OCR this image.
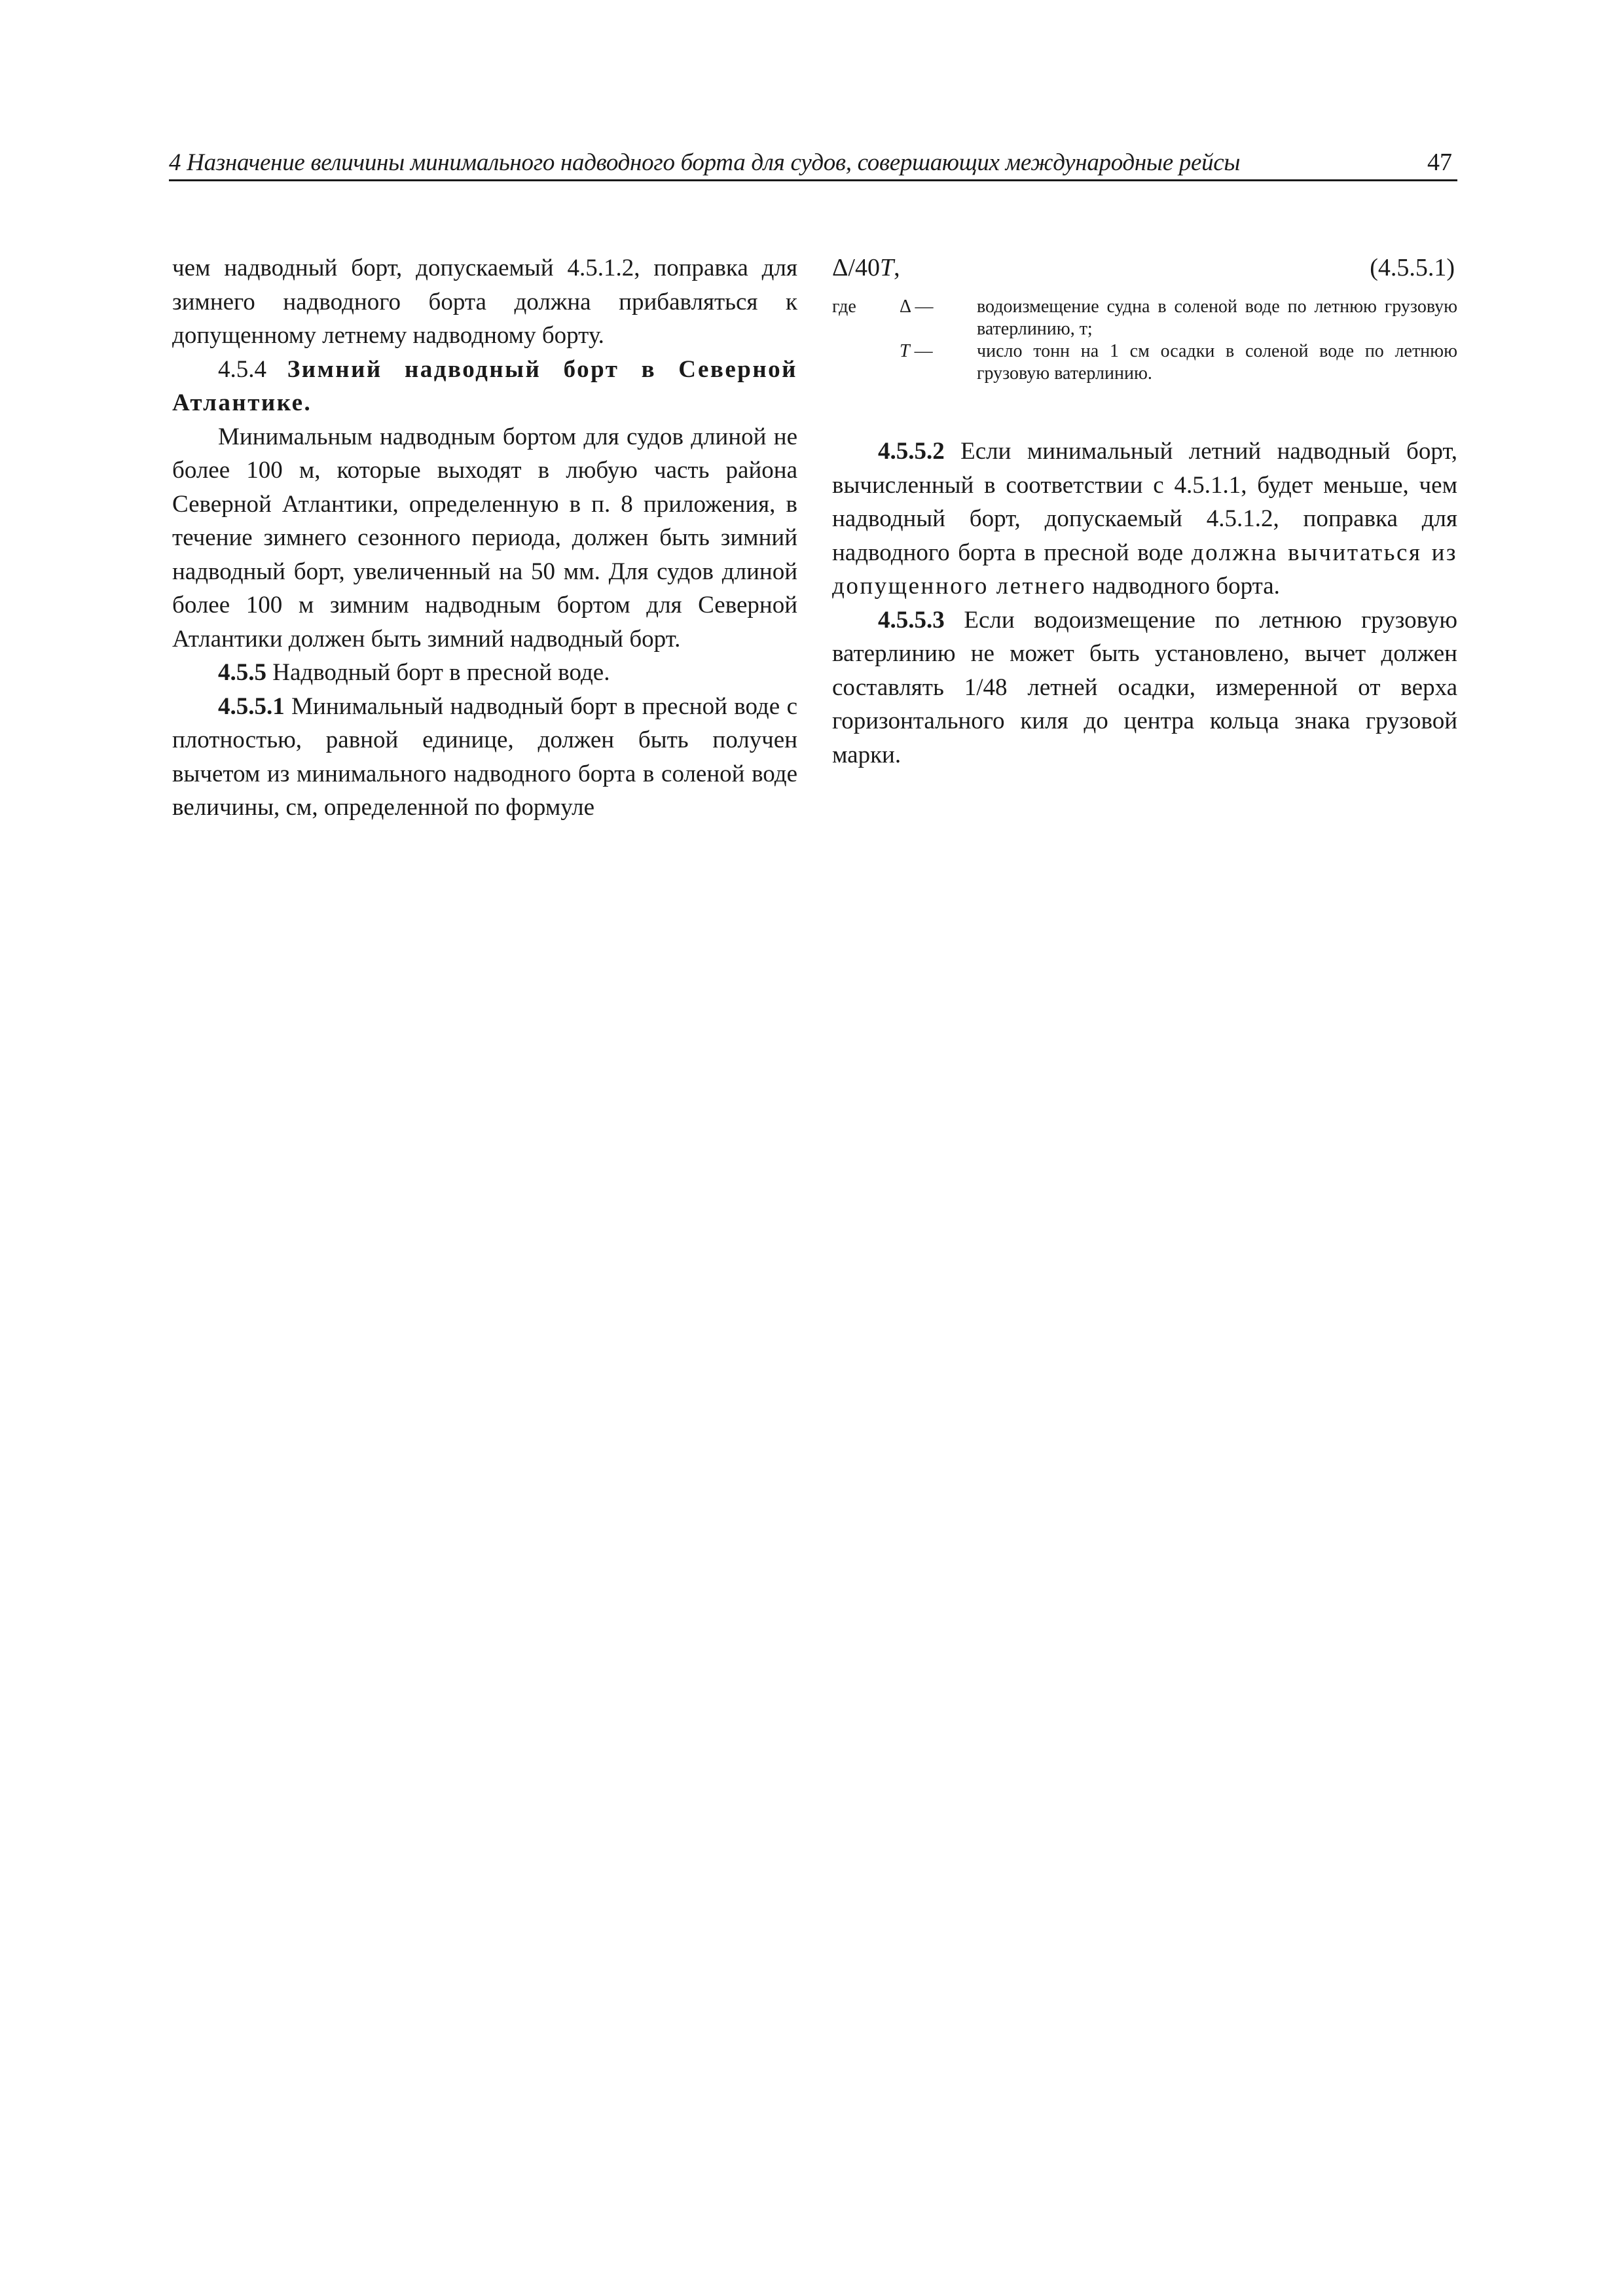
4 Назначение величины минимального надводного борта для судов, совершающих международные рейсы	47

чем надводный борт, допускаемый 4.5.1.2, поправка для зимнего надводного борта должна прибавляться к допущенному летнему надводному борту.

4.5.4 Зимний надводный борт в Северной Атлантике.

Минимальным надводным бортом для судов длиной не более 100 м, которые выходят в любую часть района Северной Атлантики, определенную в п. 8 приложения, в течение зимнего сезонного периода, должен быть зимний надводный борт, увеличенный на 50 мм. Для судов длиной более 100 м зимним надводным бортом для Северной Атлантики должен быть зимний надводный борт.

4.5.5 Надводный борт в пресной воде.

4.5.5.1 Минимальный надводный борт в пресной воде с плотностью, равной единице, должен быть получен вычетом из минимального надводного борта в соленой воде величины, см, определенной по формуле

Δ/40T,	(4.5.5.1)
где Δ —	водоизмещение судна в соленой воде по летнюю грузовую ватерлинию, т;
T —	число тонн на 1 см осадки в соленой воде по летнюю грузовую ватерлинию.

4.5.5.2 Если минимальный летний надводный борт, вычисленный в соответствии с 4.5.1.1, будет меньше, чем надводный борт, допускаемый 4.5.1.2, поправка для надводного борта в пресной воде должна вычитаться из допущенного летнего надводного борта.

4.5.5.3 Если водоизмещение по летнюю грузовую ватерлинию не может быть установлено, вычет должен составлять 1/48 летней осадки, измеренной от верха горизонтального киля до центра кольца знака грузовой марки.
